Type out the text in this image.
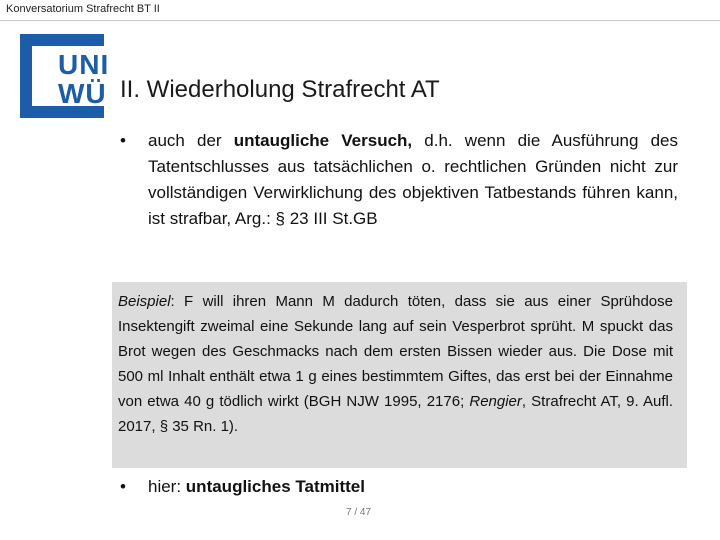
Konversatorium Strafrecht BT II
UNI
WÜ II. Wiederholung Strafrecht AT
•	auch der untaugliche Versuch, d.h. wenn die Ausführung des Tatentschlusses aus tatsächlichen o. rechtlichen Gründen nicht zur vollständigen Verwirklichung des objektiven Tatbestands führen kann, ist strafbar, Arg.: § 23 III St.GB
Beispiel: F will ihren Mann M dadurch töten, dass sie aus einer Sprühdose Insektengift zweimal eine Sekunde lang auf sein Vesperbrot sprüht. M spuckt das Brot wegen des Geschmacks nach dem ersten Bissen wieder aus. Die Dose mit 500 ml Inhalt enthält etwa 1 g eines bestimmtem Giftes, das erst bei der Einnahme von etwa 40 g tödlich wirkt (BGH NJW 1995, 2176; Rengier, Strafrecht AT, 9. Aufl. 2017, § 35 Rn. 1).
•	hier: untaugliches Tatmittel
7 / 47
